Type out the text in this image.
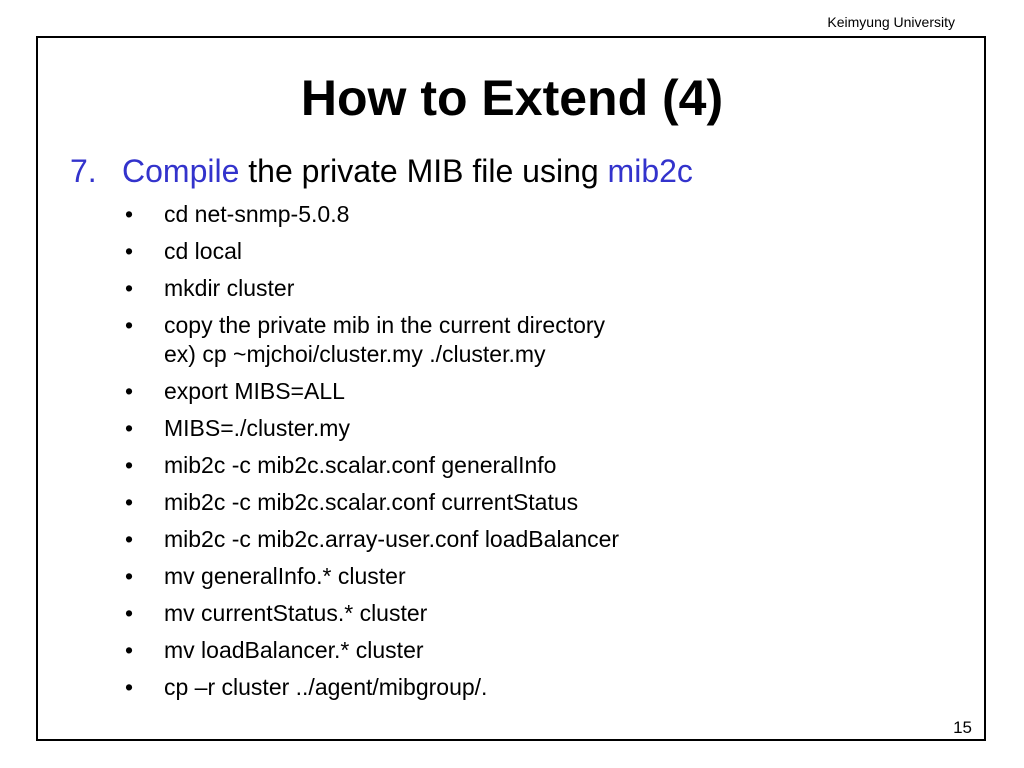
Keimyung University
How to Extend (4)
7. Compile the private MIB file using mib2c
• cd net-snmp-5.0.8
• cd local
• mkdir cluster
• copy the private mib in the current directory
ex) cp ~mjchoi/cluster.my ./cluster.my
• export MIBS=ALL
• MIBS=./cluster.my
• mib2c -c mib2c.scalar.conf generalInfo
• mib2c -c mib2c.scalar.conf currentStatus
• mib2c -c mib2c.array-user.conf loadBalancer
• mv generalInfo.* cluster
• mv currentStatus.* cluster
• mv loadBalancer.* cluster
• cp –r cluster ../agent/mibgroup/.
15
